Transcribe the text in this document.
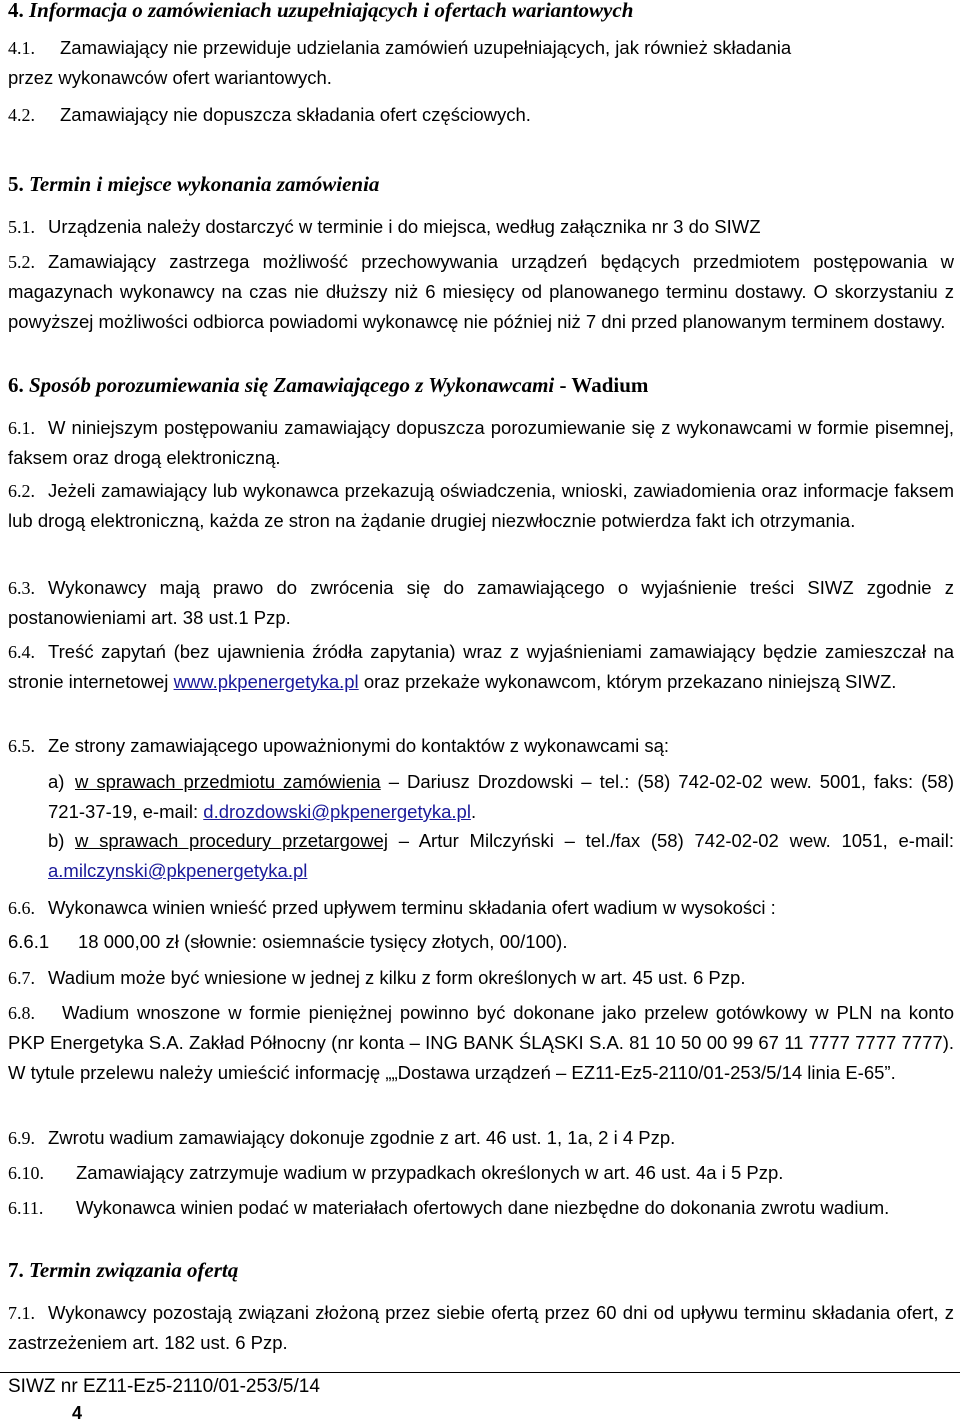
4. Informacja o zamówieniach uzupełniających i ofertach wariantowych
4.1. Zamawiający nie przewiduje udzielania zamówień uzupełniających, jak również składania
przez wykonawców ofert wariantowych.
4.2. Zamawiający nie dopuszcza składania ofert częściowych.
5. Termin i miejsce wykonania zamówienia
5.1. Urządzenia należy dostarczyć w terminie i do miejsca, według załącznika nr 3 do SIWZ
5.2. Zamawiający zastrzega możliwość przechowywania urządzeń będących przedmiotem postępowania w magazynach wykonawcy na czas nie dłuższy niż 6 miesięcy od planowanego terminu dostawy. O skorzystaniu z powyższej możliwości odbiorca powiadomi wykonawcę nie później niż 7 dni przed planowanym terminem dostawy.
6. Sposób porozumiewania się Zamawiającego z Wykonawcami - Wadium
6.1. W niniejszym postępowaniu zamawiający dopuszcza porozumiewanie się z wykonawcami w formie pisemnej, faksem oraz drogą elektroniczną.
6.2. Jeżeli zamawiający lub wykonawca przekazują oświadczenia, wnioski, zawiadomienia oraz informacje faksem lub drogą elektroniczną, każda ze stron na żądanie drugiej niezwłocznie potwierdza fakt ich otrzymania.
6.3. Wykonawcy mają prawo do zwrócenia się do zamawiającego o wyjaśnienie treści SIWZ zgodnie z postanowieniami art. 38 ust.1 Pzp.
6.4. Treść zapytań (bez ujawnienia źródła zapytania) wraz z wyjaśnieniami zamawiający będzie zamieszczał na stronie internetowej www.pkpenergetyka.pl oraz przekaże wykonawcom, którym przekazano niniejszą SIWZ.
6.5. Ze strony zamawiającego upoważnionymi do kontaktów z wykonawcami są:
a) w sprawach przedmiotu zamówienia – Dariusz Drozdowski – tel.: (58) 742-02-02 wew. 5001, faks: (58) 721-37-19, e-mail: d.drozdowski@pkpenergetyka.pl.
b) w sprawach procedury przetargowej – Artur Milczyński – tel./fax (58) 742-02-02 wew. 1051, e-mail: a.milczynski@pkpenergetyka.pl
6.6. Wykonawca winien wnieść przed upływem terminu składania ofert wadium w wysokości :
6.6.1 18 000,00 zł (słownie: osiemnaście tysięcy złotych, 00/100).
6.7. Wadium może być wniesione w jednej z kilku z form określonych w art. 45 ust. 6 Pzp.
6.8. Wadium wnoszone w formie pieniężnej powinno być dokonane jako przelew gotówkowy w PLN na konto PKP Energetyka S.A. Zakład Północny (nr konta – ING BANK ŚLĄSKI S.A. 81 10 50 00 99 67 11 7777 7777 7777). W tytule przelewu należy umieścić informację „„Dostawa urządzeń – EZ11-Ez5-2110/01-253/5/14 linia E-65”.
6.9. Zwrotu wadium zamawiający dokonuje zgodnie z art. 46 ust. 1, 1a, 2 i 4 Pzp.
6.10. Zamawiający zatrzymuje wadium w przypadkach określonych w art. 46 ust. 4a i 5 Pzp.
6.11. Wykonawca winien podać w materiałach ofertowych dane niezbędne do dokonania zwrotu wadium.
7. Termin związania ofertą
7.1. Wykonawcy pozostają związani złożoną przez siebie ofertą przez 60 dni od upływu terminu składania ofert, z zastrzeżeniem art. 182 ust. 6 Pzp.
SIWZ nr EZ11-Ez5-2110/01-253/5/14
4
